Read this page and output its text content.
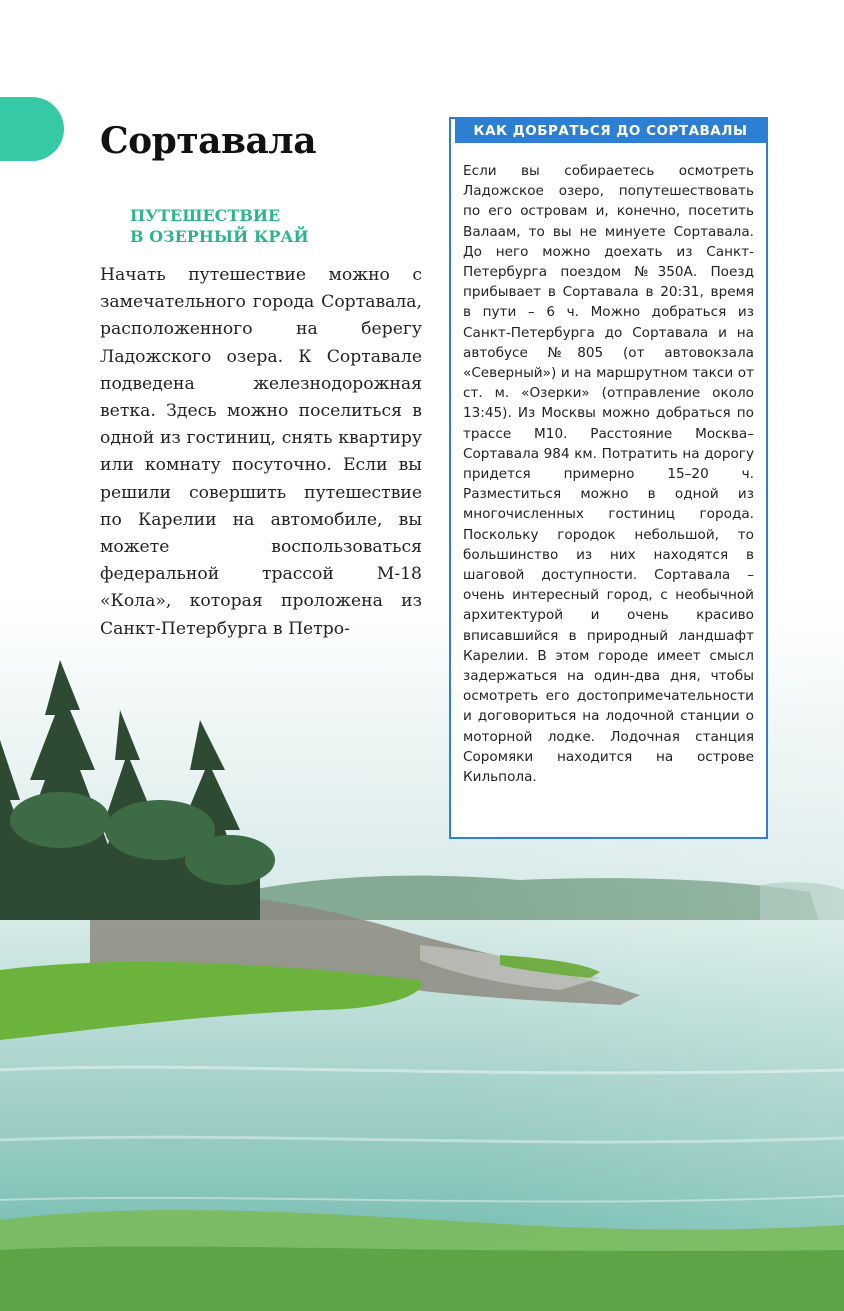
Сортавала
ПУТЕШЕСТВИЕ
В ОЗЕРНЫЙ КРАЙ

Начать путешествие можно с замечательного города Сортавала, расположенного на берегу Ладожского озера. К Сортавале подведена железнодорожная ветка. Здесь можно поселиться в одной из гостиниц, снять квартиру или комнату посуточно. Если вы решили совершить путешествие по Карелии на автомобиле, вы можете воспользоваться федеральной трассой М-18 «Кола», которая проложена из Санкт-Петербурга в Петро-

КАК ДОБРАТЬСЯ ДО СОРТАВАЛЫ

Если вы собираетесь осмотреть Ладожское озеро, попутешествовать по его островам и, конечно, посетить Валаам, то вы не минуете Сортавала. До него можно доехать из Санкт-Петербурга поездом №350А. Поезд прибывает в Сортавала в 20:31, время в пути – 6 ч. Можно добраться из Санкт-Петербурга до Сортавала и на автобусе №805 (от автовокзала «Северный») и на маршрутном такси от ст. м. «Озерки» (отправление около 13:45). Из Москвы можно добраться по трассе М10. Расстояние Москва–Сортавала 984 км. Потратить на дорогу придется примерно 15–20 ч. Разместиться можно в одной из многочисленных гостиниц города. Поскольку городок небольшой, то большинство из них находятся в шаговой доступности. Сортавала – очень интересный город, с необычной архитектурой и очень красиво вписавшийся в природный ландшафт Карелии. В этом городе имеет смысл задержаться на один-два дня, чтобы осмотреть его достопримечательности и договориться на лодочной станции о моторной лодке. Лодочная станция Соромяки находится на острове Кильпола.
